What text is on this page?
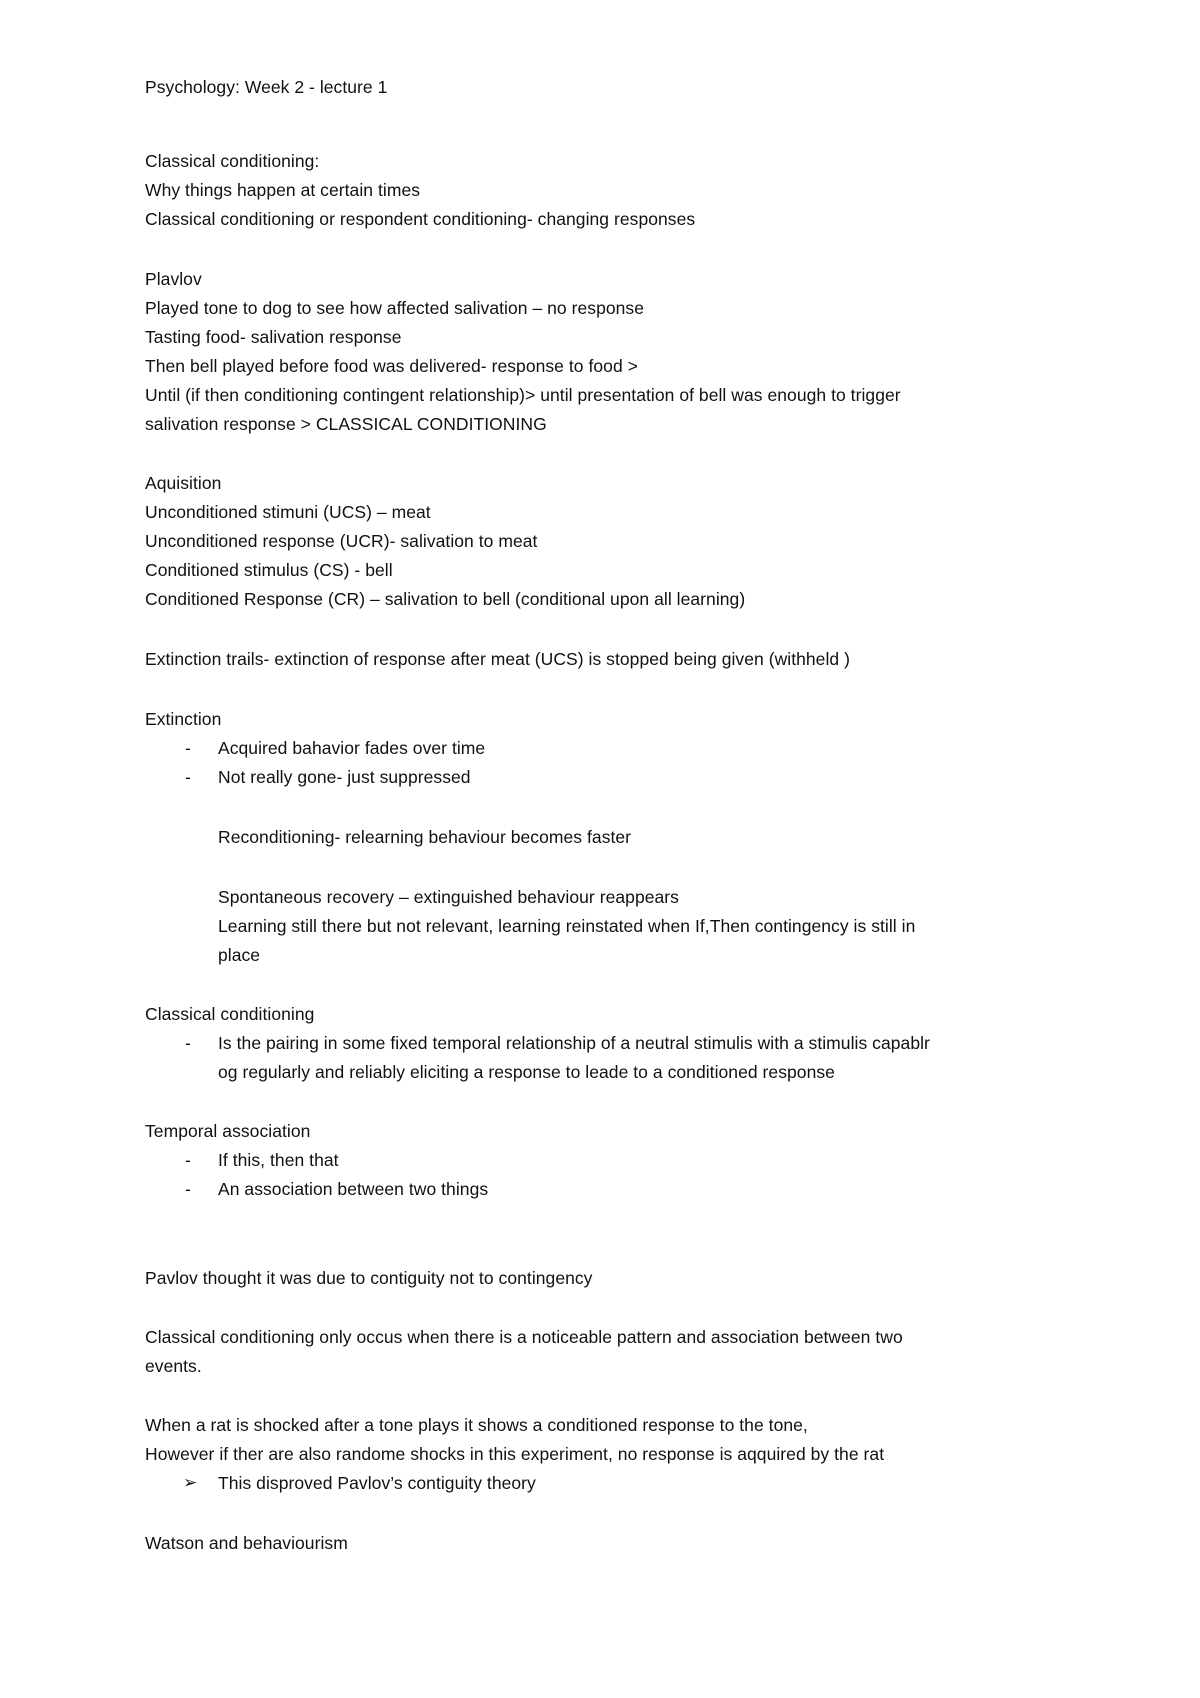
Psychology: Week 2 - lecture 1
Classical conditioning:
Why things happen at certain times
Classical conditioning or respondent conditioning- changing responses
Plavlov
Played tone to dog to see how affected salivation – no response
Tasting food- salivation response
Then bell played before food was delivered- response to food >
Until (if then conditioning contingent relationship)> until presentation of bell was enough to trigger
salivation response > CLASSICAL CONDITIONING
Aquisition
Unconditioned stimuni (UCS) – meat
Unconditioned response (UCR)- salivation to meat
Conditioned stimulus (CS) - bell
Conditioned Response (CR) – salivation to bell (conditional upon all learning)
Extinction trails- extinction of response after meat (UCS) is stopped being given (withheld )
Extinction
- Acquired bahavior fades over time
- Not really gone- just suppressed
Reconditioning- relearning behaviour becomes faster
Spontaneous recovery – extinguished behaviour reappears
Learning still there but not relevant, learning reinstated when If,Then contingency is still in
place
Classical conditioning
- Is the pairing in some fixed temporal relationship of a neutral stimulis with a stimulis capablr
og regularly and reliably eliciting a response to leade to a conditioned response
Temporal association
- If this, then that
- An association between two things
Pavlov thought it was due to contiguity not to contingency
Classical conditioning only occus when there is a noticeable pattern and association between two
events.
When a rat is shocked after a tone plays it shows a conditioned response to the tone,
However if ther are also randome shocks in this experiment, no response is aqquired by the rat
➢ This disproved Pavlov’s contiguity theory
Watson and behaviourism
